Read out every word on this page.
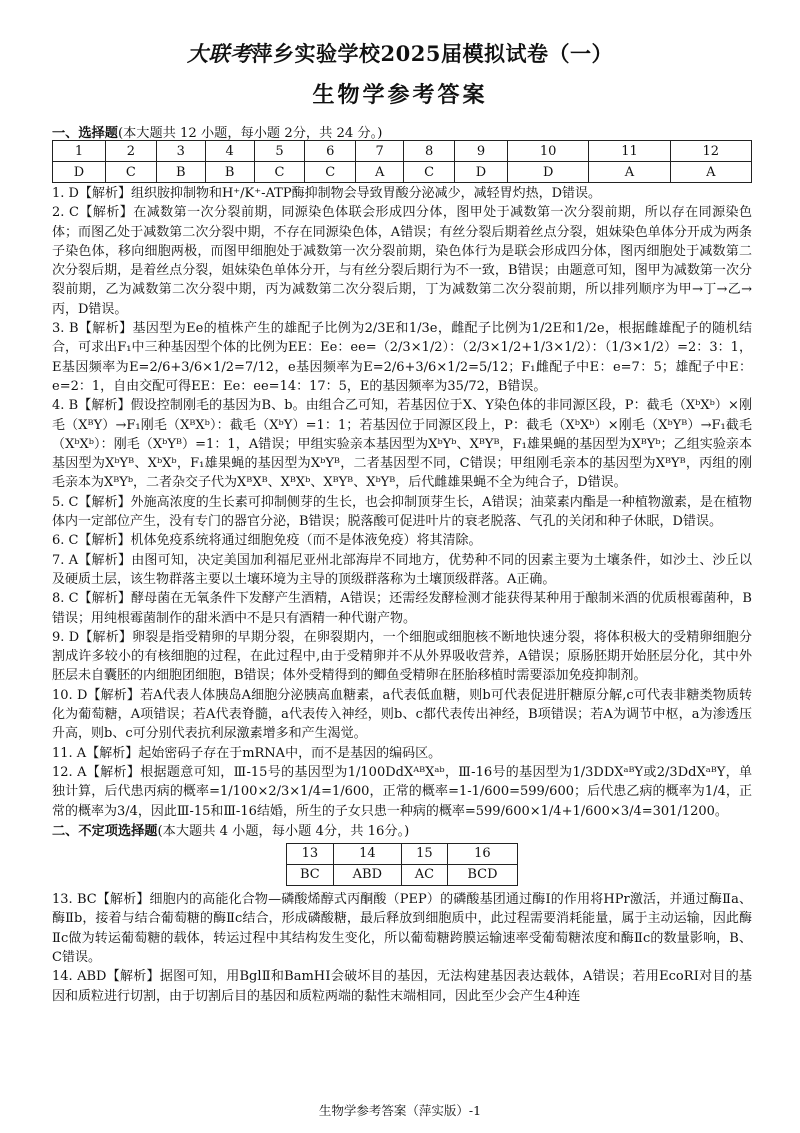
大联考萍乡实验学校2025届模拟试卷（一）
生物学参考答案
一、选择题(本大题共 12 小题，每小题 2分，共 24 分。)
1	2	3	4	5	6	7	8	9	10	11	12
D	C	B	B	C	C	A	C	D	D	A	A

1. D【解析】组织胺抑制物和H⁺/K⁺-ATP酶抑制物会导致胃酸分泌减少，减轻胃灼热，D错误。

2. C【解析】在减数第一次分裂前期，同源染色体联会形成四分体，图甲处于减数第一次分裂前期，所以存在同源染色体；而图乙处于减数第二次分裂中期，不存在同源染色体，A错误；有丝分裂后期着丝点分裂，姐妹染色单体分开成为两条子染色体，移向细胞两极，而图甲细胞处于减数第一次分裂前期，染色体行为是联会形成四分体，图丙细胞处于减数第二次分裂后期，是着丝点分裂，姐妹染色单体分开，与有丝分裂后期行为不一致，B错误；由题意可知，图甲为减数第一次分裂前期，乙为减数第二次分裂中期，丙为减数第二次分裂后期，丁为减数第二次分裂前期，所以排列顺序为甲→丁→乙→丙，D错误。

3. B【解析】基因型为Ee的植株产生的雄配子比例为2/3E和1/3e，雌配子比例为1/2E和1/2e，根据雌雄配子的随机结合，可求出F₁中三种基因型个体的比例为EE：Ee：ee=（2/3×1/2）：（2/3×1/2+1/3×1/2）：（1/3×1/2）=2：3：1，E基因频率为E=2/6+3/6×1/2=7/12，e基因频率为E=2/6+3/6×1/2=5/12；F₁雌配子中E：e=7：5；雄配子中E：e=2：1，自由交配可得EE：Ee：ee=14：17：5，E的基因频率为35/72，B错误。

4. B【解析】假设控制刚毛的基因为B、b。由组合乙可知，若基因位于X、Y染色体的非同源区段，P：截毛（XᵇXᵇ）×刚毛（XᴮY）→F₁刚毛（XᴮXᵇ）：截毛（XᵇY）=1：1；若基因位于同源区段上，P：截毛（XᵇXᵇ）×刚毛（XᵇYᴮ）→F₁截毛（XᵇXᵇ）：刚毛（XᵇYᴮ）=1：1，A错误；甲组实验亲本基因型为XᵇYᵇ、XᴮYᴮ，F₁雄果蝇的基因型为XᴮYᵇ；乙组实验亲本基因型为XᵇYᴮ、XᵇXᵇ，F₁雄果蝇的基因型为XᵇYᴮ，二者基因型不同，C错误；甲组刚毛亲本的基因型为XᴮYᴮ，丙组的刚毛亲本为XᴮYᵇ，二者杂交子代为XᴮXᴮ、XᴮXᵇ、XᴮYᴮ、XᵇYᴮ，后代雌雄果蝇不全为纯合子，D错误。

5. C【解析】外施高浓度的生长素可抑制侧芽的生长，也会抑制顶芽生长，A错误；油菜素内酯是一种植物激素，是在植物体内一定部位产生，没有专门的器官分泌，B错误；脱落酸可促进叶片的衰老脱落、气孔的关闭和种子休眠，D错误。

6. C【解析】机体免疫系统将通过细胞免疫（而不是体液免疫）将其清除。

7. A【解析】由图可知，决定美国加利福尼亚州北部海岸不同地方，优势种不同的因素主要为土壤条件，如沙土、沙丘以及硬质土层，该生物群落主要以土壤环境为主导的顶级群落称为土壤顶级群落。A正确。

8. C【解析】酵母菌在无氧条件下发酵产生酒精，A错误；还需经发酵检测才能获得某种用于酿制米酒的优质根霉菌种，B错误；用纯根霉菌制作的甜米酒中不是只有酒精一种代谢产物。

9. D【解析】卵裂是指受精卵的早期分裂，在卵裂期内，一个细胞或细胞核不断地快速分裂，将体积极大的受精卵细胞分割成许多较小的有核细胞的过程，在此过程中,由于受精卵并不从外界吸收营养，A错误；原肠胚期开始胚层分化，其中外胚层未自囊胚的内细胞团细胞，B错误；体外受精得到的鲫鱼受精卵在胚胎移植时需要添加免疫抑制剂。

10. D【解析】若A代表人体胰岛A细胞分泌胰高血糖素，a代表低血糖，则b可代表促进肝糖原分解,c可代表非糖类物质转化为葡萄糖，A项错误；若A代表脊髓，a代表传入神经，则b、c都代表传出神经，B项错误；若A为调节中枢，a为渗透压升高，则b、c可分别代表抗利尿激素增多和产生渴觉。

11. A【解析】起始密码子存在于mRNA中，而不是基因的编码区。

12. A【解析】根据题意可知，Ⅲ-15号的基因型为1/100DdXᴬᴮXᵃᵇ，Ⅲ-16号的基因型为1/3DDXᵃᴮY或2/3DdXᵃᴮY，单独计算，后代患丙病的概率=1/100×2/3×1/4=1/600，正常的概率=1-1/600=599/600；后代患乙病的概率为1/4，正常的概率为3/4，因此Ⅲ-15和Ⅲ-16结婚，所生的子女只患一种病的概率=599/600×1/4+1/600×3/4=301/1200。

二、不定项选择题(本大题共 4 小题，每小题 4分，共 16分。)
13	14	15	16
BC	ABD	AC	BCD

13. BC【解析】细胞内的高能化合物—磷酸烯醇式丙酮酸（PEP）的磷酸基团通过酶Ⅰ的作用将HPr激活，并通过酶Ⅱa、酶Ⅱb，接着与结合葡萄糖的酶Ⅱc结合，形成磷酸糖，最后释放到细胞质中，此过程需要消耗能量，属于主动运输，因此酶Ⅱc做为转运葡萄糖的载体，转运过程中其结构发生变化，所以葡萄糖跨膜运输速率受葡萄糖浓度和酶Ⅱc的数量影响，B、C错误。

14. ABD【解析】据图可知，用BglⅡ和BamHⅠ会破坏目的基因，无法构建基因表达载体，A错误；若用EcoRⅠ对目的基因和质粒进行切割，由于切割后目的基因和质粒两端的黏性末端相同，因此至少会产生4种连

生物学参考答案（萍实版）-1
